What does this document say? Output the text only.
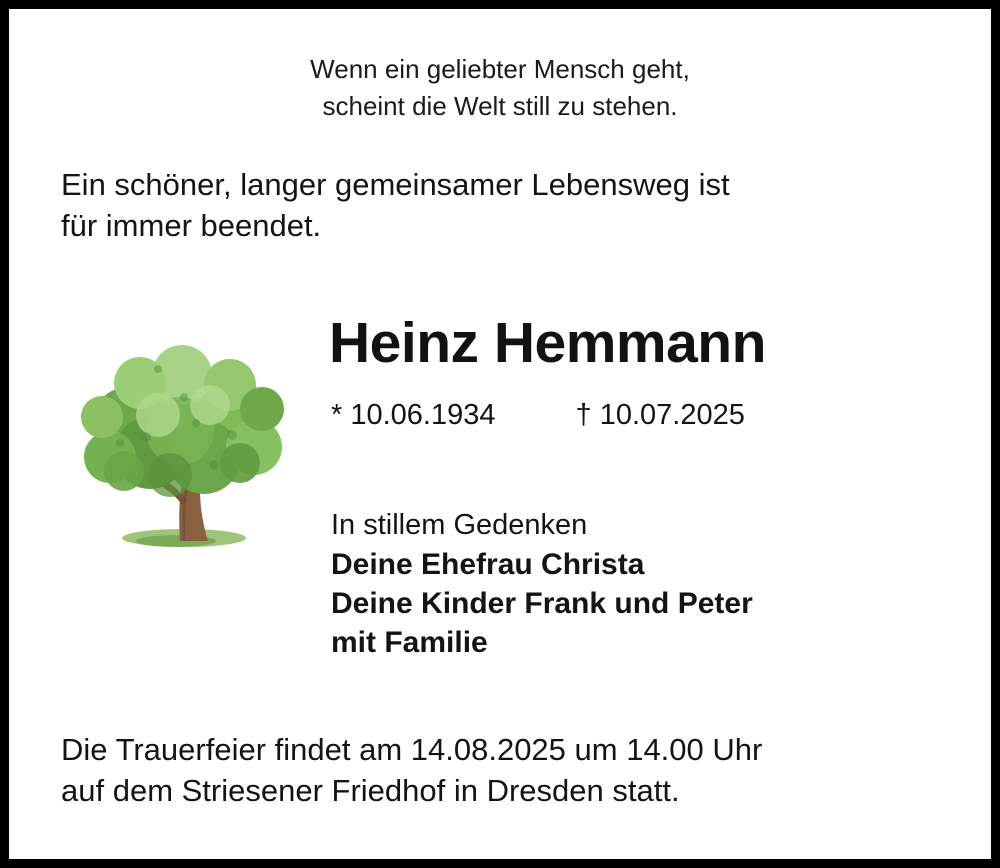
Wenn ein geliebter Mensch geht,
scheint die Welt still zu stehen.
Ein schöner, langer gemeinsamer Lebensweg ist
für immer beendet.
Heinz Hemmann
* 10.06.1934	† 10.07.2025
In stillem Gedenken
Deine Ehefrau Christa
Deine Kinder Frank und Peter
mit Familie
Die Trauerfeier findet am 14.08.2025 um 14.00 Uhr
auf dem Striesener Friedhof in Dresden statt.
